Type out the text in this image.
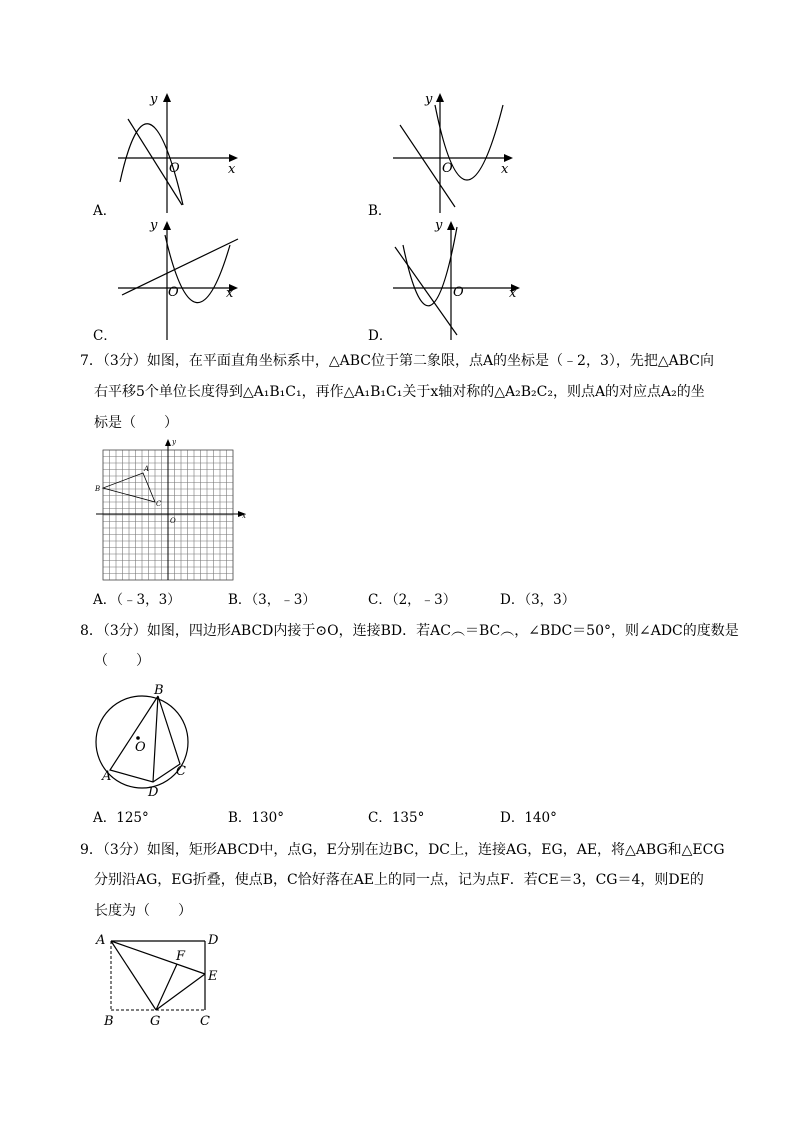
y
x
O
A．
y
x
O
B．
y
x
O
C．
y
x
O
D．
7．（3分）如图，在平面直角坐标系中，△ABC位于第二象限，点A的坐标是（﹣2，3），先把△ABC向
右平移5个单位长度得到△A₁B₁C₁，再作△A₁B₁C₁关于x轴对称的△A₂B₂C₂，则点A的对应点A₂的坐
标是（　　）
A
B
C
O
y
x
A．（﹣3，3）	B．（3，﹣3）	C．（2，﹣3）	D．（3，3）
8．（3分）如图，四边形ABCD内接于⊙O，连接BD．若AC︵＝BC︵，∠BDC＝50°，则∠ADC的度数是
（　　）
O
B
A
D
C
A．125°	B．130°	C．135°	D．140°
9．（3分）如图，矩形ABCD中，点G，E分别在边BC，DC上，连接AG，EG，AE，将△ABG和△ECG
分别沿AG，EG折叠，使点B，C恰好落在AE上的同一点，记为点F．若CE＝3，CG＝4，则DE的
长度为（　　）
A	D
E
F
B	G	C
